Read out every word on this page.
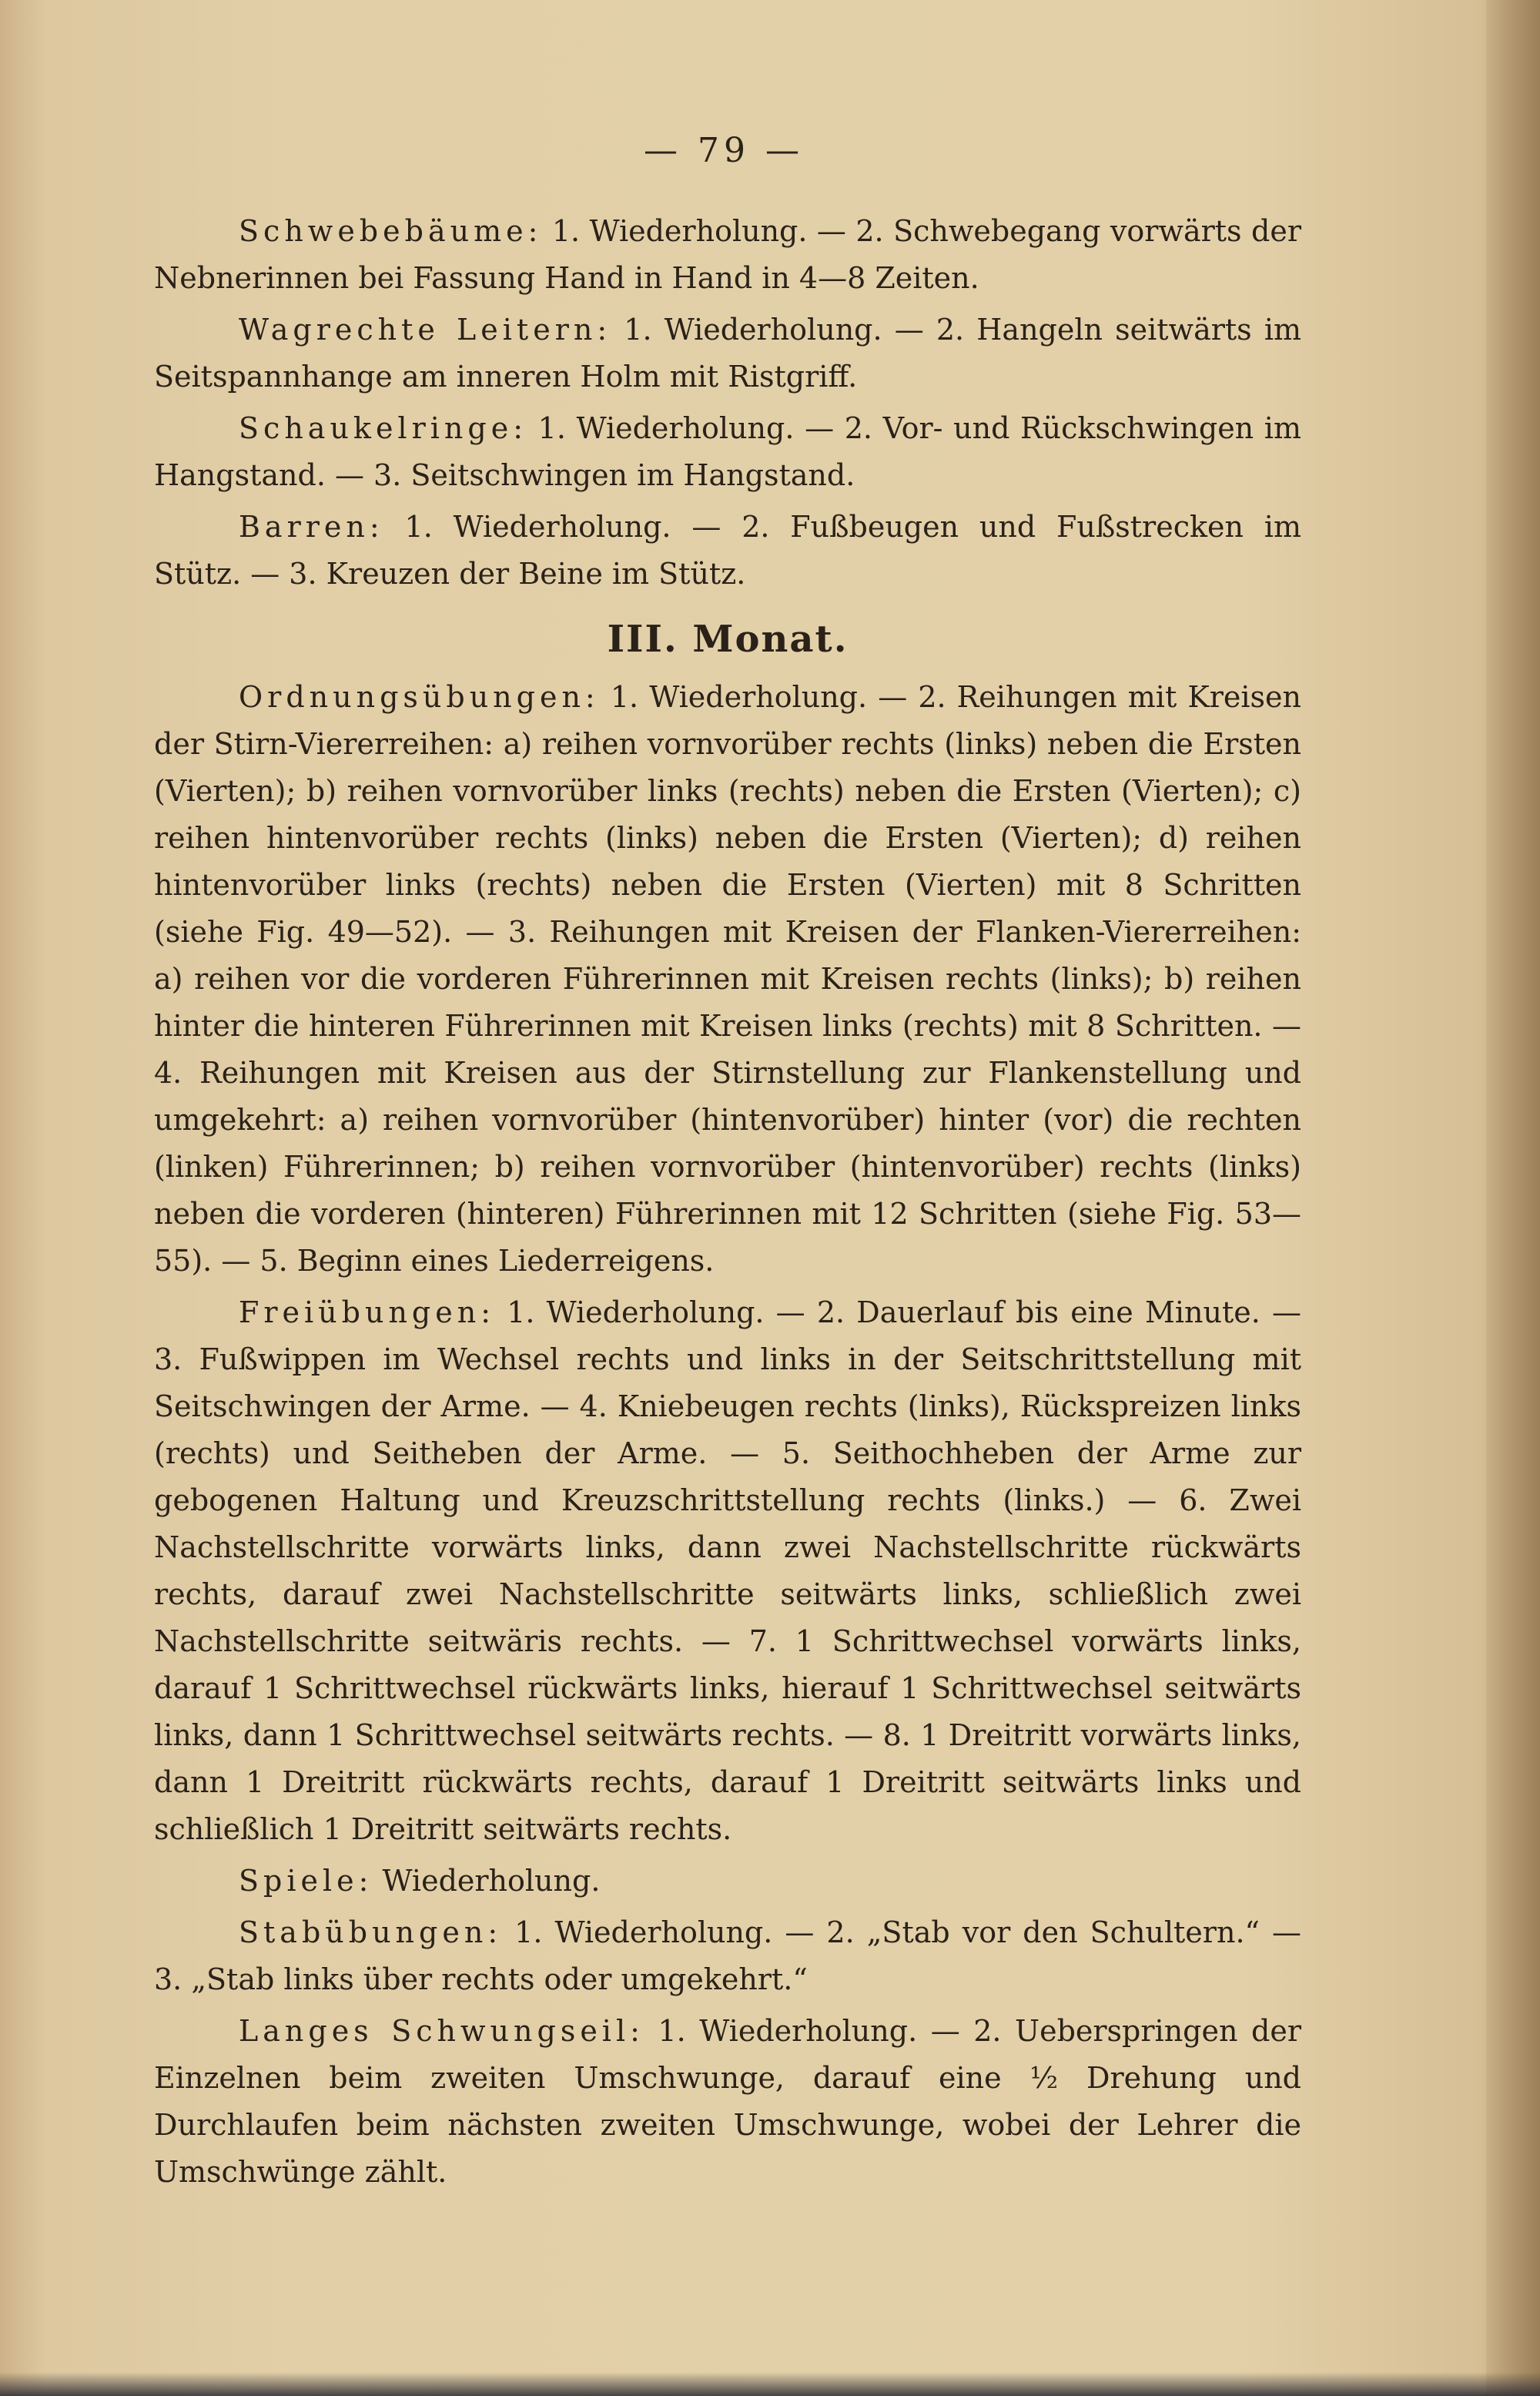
— 79 —

Schwebebäume: 1. Wiederholung. — 2. Schwebegang vorwärts der Nebnerinnen bei Fassung Hand in Hand in 4—8 Zeiten.

Wagrechte Leitern: 1. Wiederholung. — 2. Hangeln seitwärts im Seitspannhange am inneren Holm mit Ristgriff.

Schaukelringe: 1. Wiederholung. — 2. Vor- und Rückschwingen im Hangstand. — 3. Seitschwingen im Hangstand.

Barren: 1. Wiederholung. — 2. Fußbeugen und Fußstrecken im Stütz. — 3. Kreuzen der Beine im Stütz.

III. Monat.

Ordnungsübungen: 1. Wiederholung. — 2. Reihungen mit Kreisen der Stirn-Viererreihen: a) reihen vornvorüber rechts (links) neben die Ersten (Vierten); b) reihen vornvorüber links (rechts) neben die Ersten (Vierten); c) reihen hintenvorüber rechts (links) neben die Ersten (Vierten); d) reihen hintenvorüber links (rechts) neben die Ersten (Vierten) mit 8 Schritten (siehe Fig. 49—52). — 3. Reihungen mit Kreisen der Flanken-Viererreihen: a) reihen vor die vorderen Führerinnen mit Kreisen rechts (links); b) reihen hinter die hinteren Führerinnen mit Kreisen links (rechts) mit 8 Schritten. — 4. Reihungen mit Kreisen aus der Stirnstellung zur Flankenstellung und umgekehrt: a) reihen vornvorüber (hintenvorüber) hinter (vor) die rechten (linken) Führerinnen; b) reihen vornvorüber (hintenvorüber) rechts (links) neben die vorderen (hinteren) Führerinnen mit 12 Schritten (siehe Fig. 53—55). — 5. Beginn eines Liederreigens.

Freiübungen: 1. Wiederholung. — 2. Dauerlauf bis eine Minute. — 3. Fußwippen im Wechsel rechts und links in der Seitschrittstellung mit Seitschwingen der Arme. — 4. Kniebeugen rechts (links), Rückspreizen links (rechts) und Seitheben der Arme. — 5. Seithochheben der Arme zur gebogenen Haltung und Kreuzschrittstellung rechts (links.) — 6. Zwei Nachstellschritte vorwärts links, dann zwei Nachstellschritte rückwärts rechts, darauf zwei Nachstellschritte seitwärts links, schließlich zwei Nachstellschritte seitwäris rechts. — 7. 1 Schrittwechsel vorwärts links, darauf 1 Schrittwechsel rückwärts links, hierauf 1 Schrittwechsel seitwärts links, dann 1 Schrittwechsel seitwärts rechts. — 8. 1 Dreitritt vorwärts links, dann 1 Dreitritt rückwärts rechts, darauf 1 Dreitritt seitwärts links und schließlich 1 Dreitritt seitwärts rechts.

Spiele: Wiederholung.

Stabübungen: 1. Wiederholung. — 2. „Stab vor den Schultern.“ — 3. „Stab links über rechts oder umgekehrt.“

Langes Schwungseil: 1. Wiederholung. — 2. Ueberspringen der Einzelnen beim zweiten Umschwunge, darauf eine ½ Drehung und Durchlaufen beim nächsten zweiten Umschwunge, wobei der Lehrer die Umschwünge zählt.
